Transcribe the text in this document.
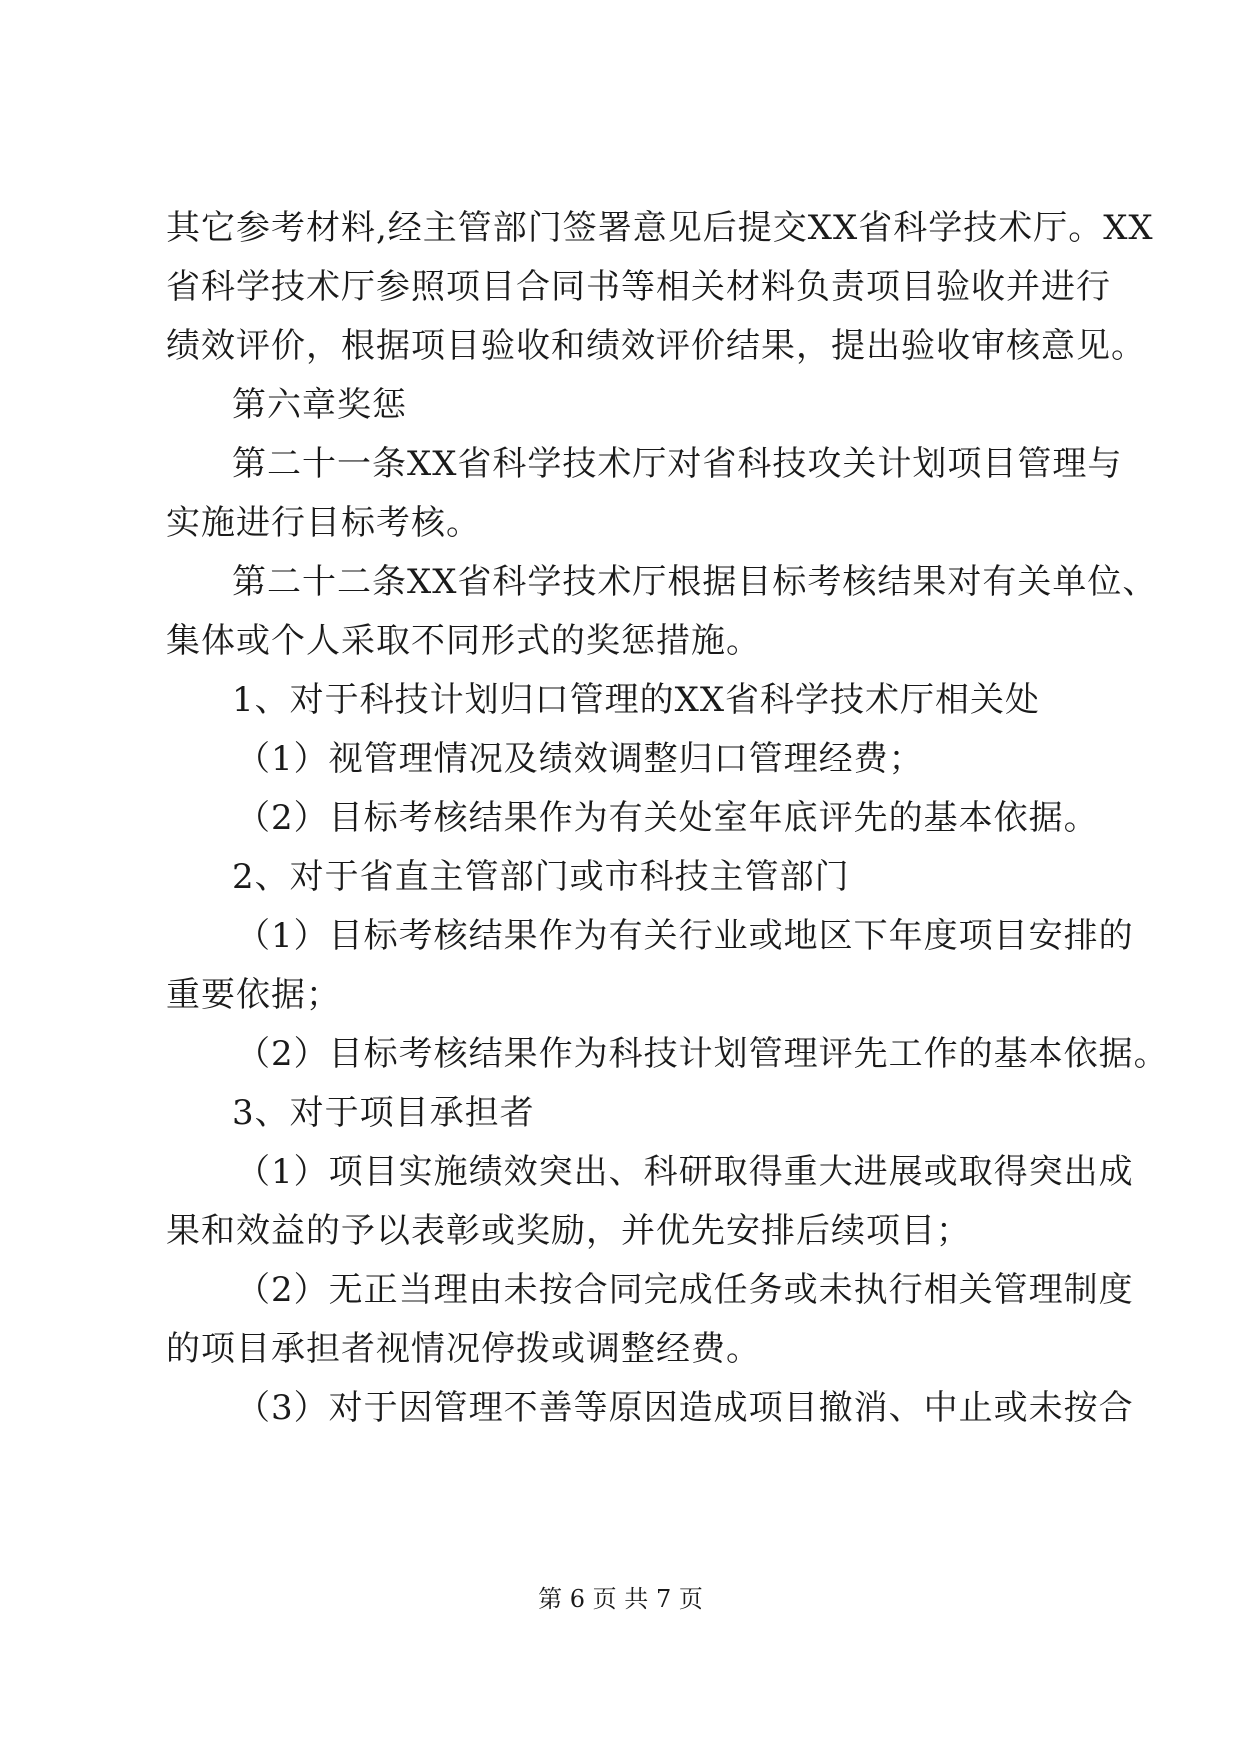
其它参考材料,经主管部门签署意见后提交XX省科学技术厅。XX
省科学技术厅参照项目合同书等相关材料负责项目验收并进行
绩效评价，根据项目验收和绩效评价结果，提出验收审核意见。
第六章奖惩
第二十一条XX省科学技术厅对省科技攻关计划项目管理与
实施进行目标考核。
第二十二条XX省科学技术厅根据目标考核结果对有关单位、
集体或个人采取不同形式的奖惩措施。
1、对于科技计划归口管理的XX省科学技术厅相关处
（1）视管理情况及绩效调整归口管理经费；
（2）目标考核结果作为有关处室年底评先的基本依据。
2、对于省直主管部门或市科技主管部门
（1）目标考核结果作为有关行业或地区下年度项目安排的
重要依据；
（2）目标考核结果作为科技计划管理评先工作的基本依据。
3、对于项目承担者
（1）项目实施绩效突出、科研取得重大进展或取得突出成
果和效益的予以表彰或奖励，并优先安排后续项目；
（2）无正当理由未按合同完成任务或未执行相关管理制度
的项目承担者视情况停拨或调整经费。
（3）对于因管理不善等原因造成项目撤消、中止或未按合
第 6 页 共 7 页
